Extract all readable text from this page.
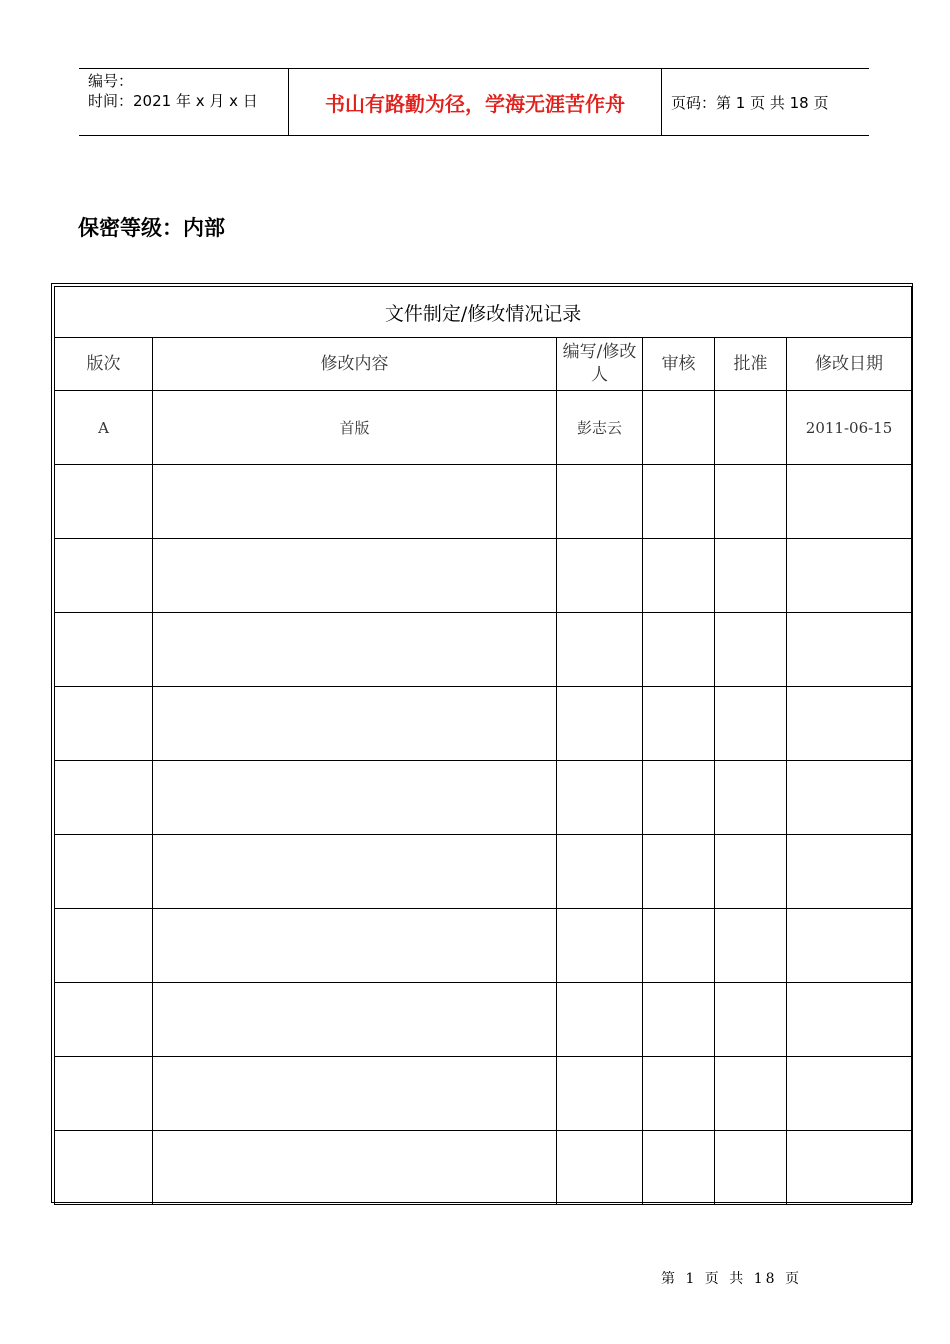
编号：
时间：2021 年 x 月 x 日	书山有路勤为径，学海无涯苦作舟	页码：第 1 页 共 18 页
保密等级：内部
文件制定/修改情况记录					
版次	修改内容	编写/修改人	审核	批准	修改日期
A	首版	彭志云			2011-06-15

第 1 页 共 18 页
